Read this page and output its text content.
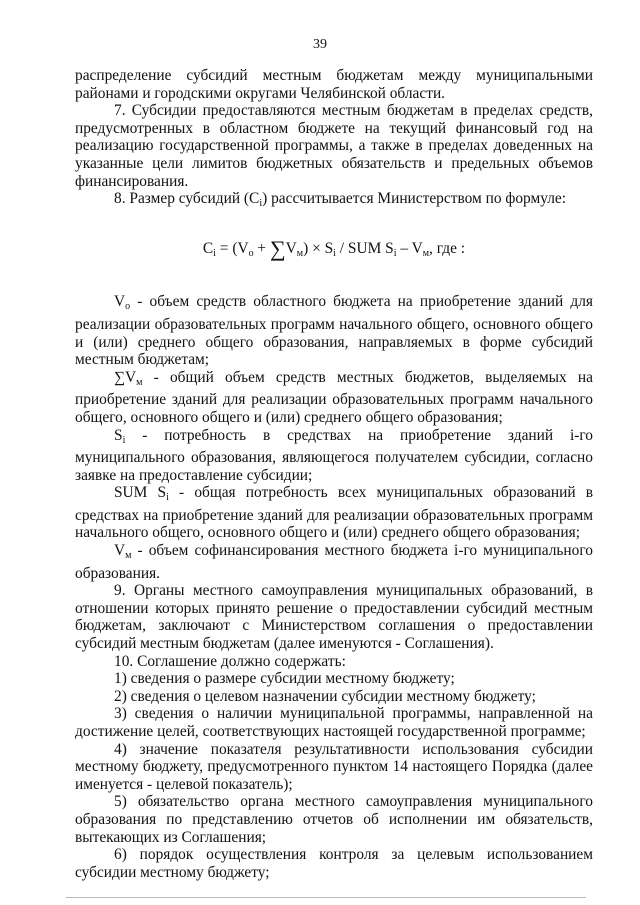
39

распределение субсидий местным бюджетам между муниципальными районами и городскими округами Челябинской области.

7. Субсидии предоставляются местным бюджетам в пределах средств, предусмотренных в областном бюджете на текущий финансовый год на реализацию государственной программы, а также в пределах доведенных на указанные цели лимитов бюджетных обязательств и предельных объемов финансирования.

8. Размер субсидий $(C_i)$ рассчитывается Министерством по формуле:

$C_i = (V_o + \sum V_м) \times S_i$ / SUM $S_i - V_м$, где :

$V_o$ - объем средств областного бюджета на приобретение зданий для реализации образовательных программ начального общего, основного общего и (или) среднего общего образования, направляемых в форме субсидий местным бюджетам;

$\sum V_м$ - общий объем средств местных бюджетов, выделяемых на приобретение зданий для реализации образовательных программ начального общего, основного общего и (или) среднего общего образования;

$S_i$ - потребность в средствах на приобретение зданий i-го муниципального образования, являющегося получателем субсидии, согласно заявке на предоставление субсидии;

SUM $S_i$ - общая потребность всех муниципальных образований в средствах на приобретение зданий для реализации образовательных программ начального общего, основного общего и (или) среднего общего образования;

$V_м$ - объем софинансирования местного бюджета i-го муниципального образования.

9. Органы местного самоуправления муниципальных образований, в отношении которых принято решение о предоставлении субсидий местным бюджетам, заключают с Министерством соглашения о предоставлении субсидий местным бюджетам (далее именуются - Соглашения).

10. Соглашение должно содержать:

1) сведения о размере субсидии местному бюджету;

2) сведения о целевом назначении субсидии местному бюджету;

3) сведения о наличии муниципальной программы, направленной на достижение целей, соответствующих настоящей государственной программе;

4) значение показателя результативности использования субсидии местному бюджету, предусмотренного пунктом 14 настоящего Порядка (далее именуется - целевой показатель);

5) обязательство органа местного самоуправления муниципального образования по представлению отчетов об исполнении им обязательств, вытекающих из Соглашения;

6) порядок осуществления контроля за целевым использованием субсидии местному бюджету;
